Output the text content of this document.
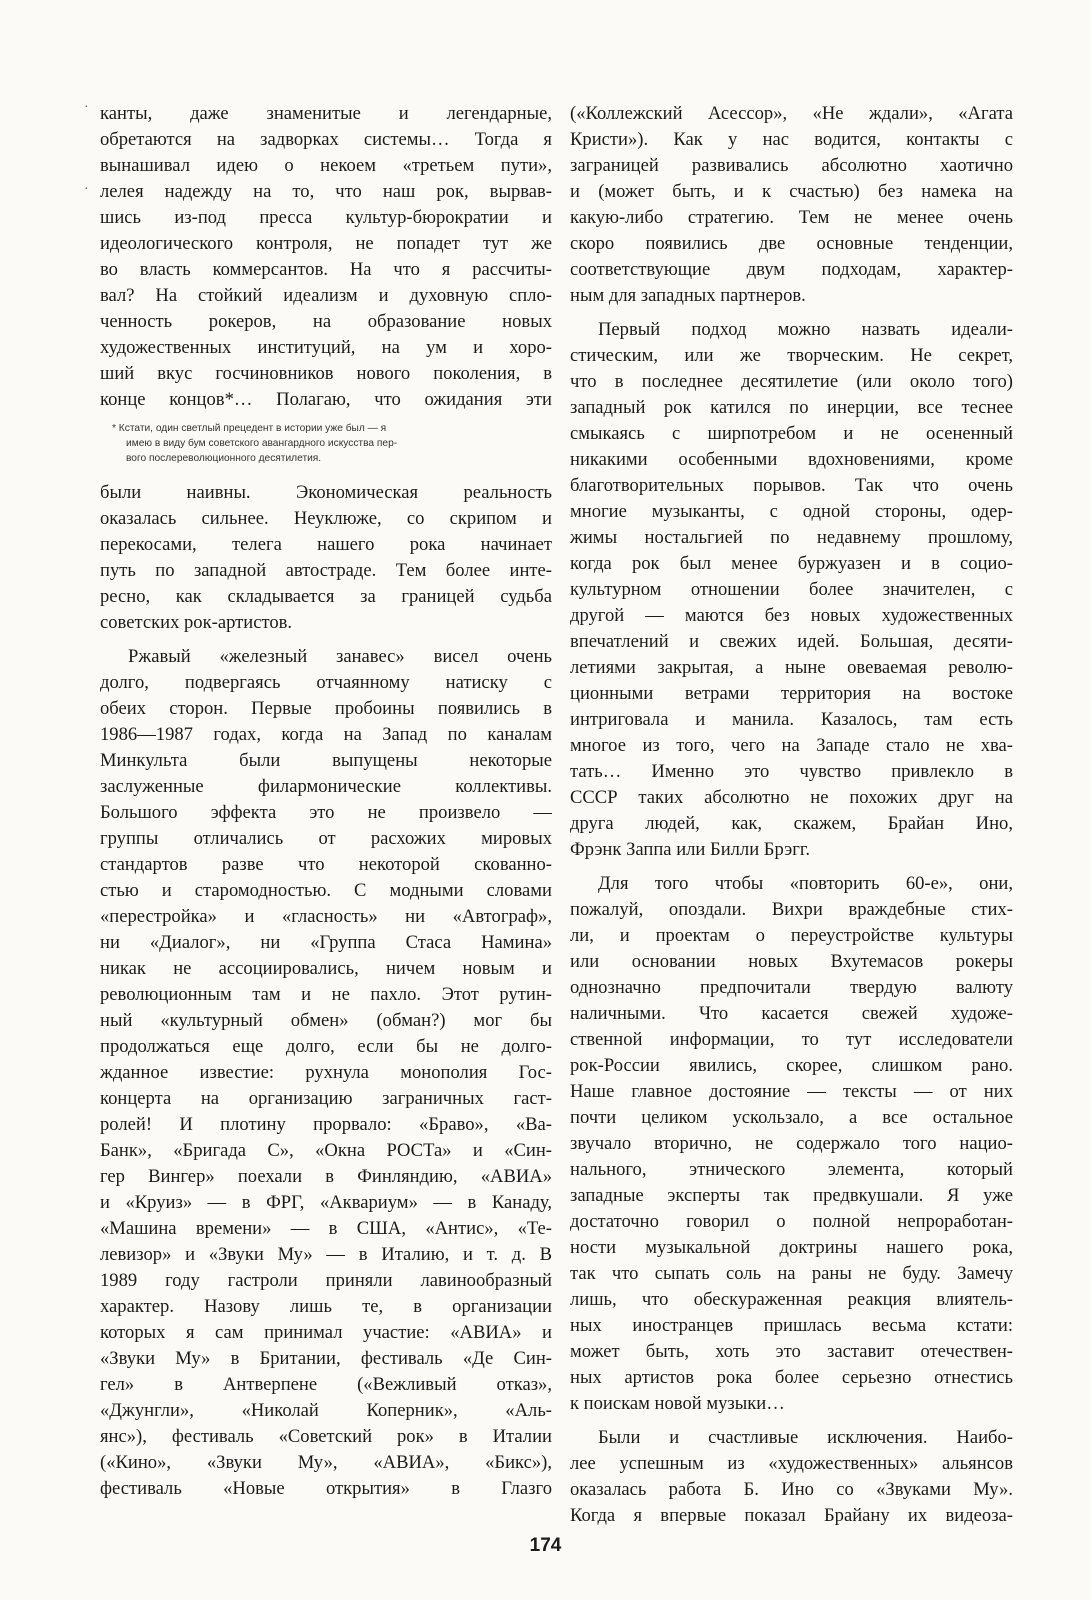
·
·
канты, даже знаменитые и легендарные,
обретаются на задворках системы… Тогда я
вынашивал идею о некоем «третьем пути»,
лелея надежду на то, что наш рок, вырвав-
шись из-под пресса культур-бюрократии и
идеологического контроля, не попадет тут же
во власть коммерсантов. На что я рассчиты-
вал? На стойкий идеализм и духовную спло-
ченность рокеров, на образование новых
художественных институций, на ум и хоро-
ший вкус госчиновников нового поколения, в
конце концов*… Полагаю, что ожидания эти
* Кстати, один светлый прецедент в истории уже был — я
имею в виду бум советского авангардного искусства пер-
вого послереволюционного десятилетия.
были наивны. Экономическая реальность
оказалась сильнее. Неуклюже, со скрипом и
перекосами, телега нашего рока начинает
путь по западной автостраде. Тем более инте-
ресно, как складывается за границей судьба
советских рок-артистов.
Ржавый «железный занавес» висел очень
долго, подвергаясь отчаянному натиску с
обеих сторон. Первые пробоины появились в
1986—1987 годах, когда на Запад по каналам
Минкульта были выпущены некоторые
заслуженные филармонические коллективы.
Большого эффекта это не произвело —
группы отличались от расхожих мировых
стандартов разве что некоторой скованно-
стью и старомодностью. С модными словами
«перестройка» и «гласность» ни «Автограф»,
ни «Диалог», ни «Группа Стаса Намина»
никак не ассоциировались, ничем новым и
революционным там и не пахло. Этот рутин-
ный «культурный обмен» (обман?) мог бы
продолжаться еще долго, если бы не долго-
жданное известие: рухнула монополия Гос-
концерта на организацию заграничных гаст-
ролей! И плотину прорвало: «Браво», «Ва-
Банк», «Бригада С», «Окна РОСТа» и «Син-
гер Вингер» поехали в Финляндию, «АВИА»
и «Круиз» — в ФРГ, «Аквариум» — в Канаду,
«Машина времени» — в США, «Антис», «Те-
левизор» и «Звуки Му» — в Италию, и т. д. В
1989 году гастроли приняли лавинообразный
характер. Назову лишь те, в организации
которых я сам принимал участие: «АВИА» и
«Звуки Му» в Британии, фестиваль «Де Син-
гел» в Антверпене («Вежливый отказ»,
«Джунгли», «Николай Коперник», «Аль-
янс»), фестиваль «Советский рок» в Италии
(«Кино», «Звуки Му», «АВИА», «Бикс»),
фестиваль «Новые открытия» в Глазго
(«Коллежский Асессор», «Не ждали», «Агата
Кристи»). Как у нас водится, контакты с
заграницей развивались абсолютно хаотично
и (может быть, и к счастью) без намека на
какую-либо стратегию. Тем не менее очень
скоро появились две основные тенденции,
соответствующие двум подходам, характер-
ным для западных партнеров.
Первый подход можно назвать идеали-
стическим, или же творческим. Не секрет,
что в последнее десятилетие (или около того)
западный рок катился по инерции, все теснее
смыкаясь с ширпотребом и не осененный
никакими особенными вдохновениями, кроме
благотворительных порывов. Так что очень
многие музыканты, с одной стороны, одер-
жимы ностальгией по недавнему прошлому,
когда рок был менее буржуазен и в социо-
культурном отношении более значителен, с
другой — маются без новых художественных
впечатлений и свежих идей. Большая, десяти-
летиями закрытая, а ныне овеваемая револю-
ционными ветрами территория на востоке
интриговала и манила. Казалось, там есть
многое из того, чего на Западе стало не хва-
тать… Именно это чувство привлекло в
СССР таких абсолютно не похожих друг на
друга людей, как, скажем, Брайан Ино,
Фрэнк Заппа или Билли Брэгг.
Для того чтобы «повторить 60-е», они,
пожалуй, опоздали. Вихри враждебные стих-
ли, и проектам о переустройстве культуры
или основании новых Вхутемасов рокеры
однозначно предпочитали твердую валюту
наличными. Что касается свежей художе-
ственной информации, то тут исследователи
рок-России явились, скорее, слишком рано.
Наше главное достояние — тексты — от них
почти целиком ускользало, а все остальное
звучало вторично, не содержало того нацио-
нального, этнического элемента, который
западные эксперты так предвкушали. Я уже
достаточно говорил о полной непроработан-
ности музыкальной доктрины нашего рока,
так что сыпать соль на раны не буду. Замечу
лишь, что обескураженная реакция влиятель-
ных иностранцев пришлась весьма кстати:
может быть, хоть это заставит отечествен-
ных артистов рока более серьезно отнестись
к поискам новой музыки…
Были и счастливые исключения. Наибо-
лее успешным из «художественных» альянсов
оказалась работа Б. Ино со «Звуками Му».
Когда я впервые показал Брайану их видеоза-
174
